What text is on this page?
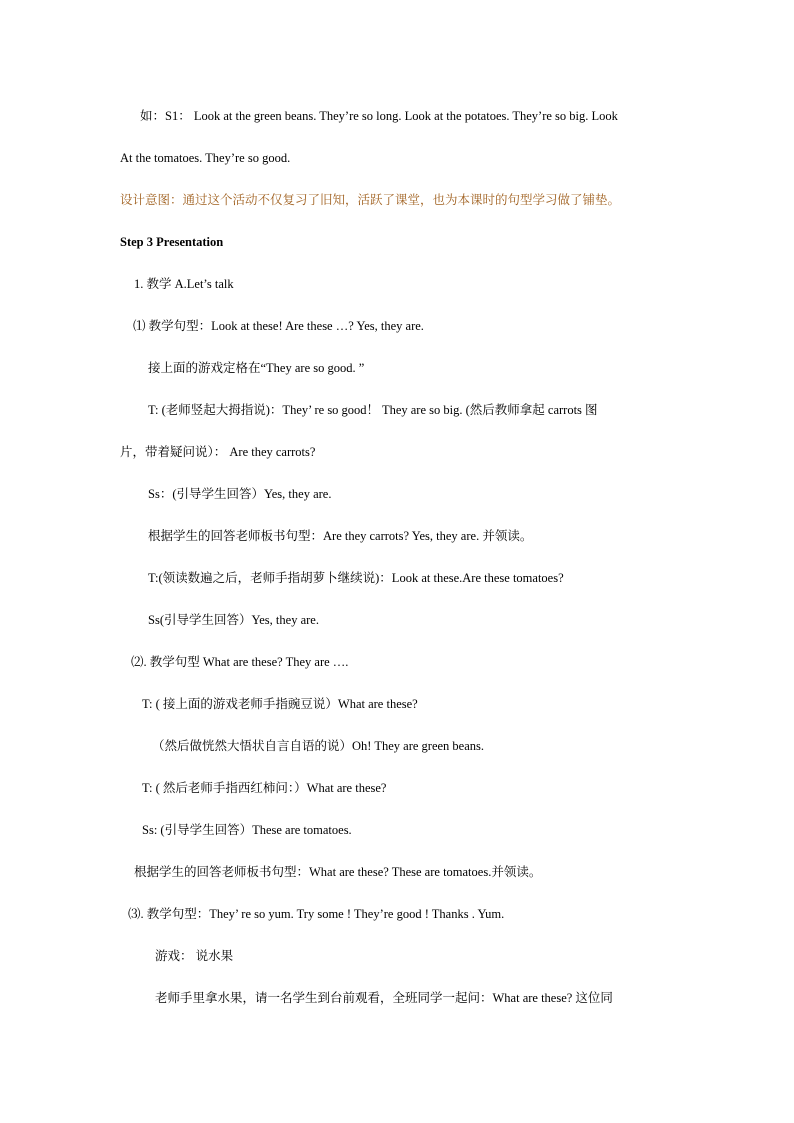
如：S1： Look at the green beans. They’re so long. Look at the potatoes. They’re so big. Look
At the tomatoes. They’re so good.
设计意图：通过这个活动不仅复习了旧知，活跃了课堂，也为本课时的句型学习做了铺垫。
Step 3 Presentation
1. 教学 A.Let’s talk
⑴ 教学句型：Look at these! Are these …? Yes, they are.
接上面的游戏定格在“They are so good. ”
T: (老师竖起大拇指说)：They’ re so good！ They are so big. (然后教师拿起 carrots 图
片，带着疑问说）： Are they carrots?
Ss：(引导学生回答）Yes, they are.
根据学生的回答老师板书句型：Are they carrots? Yes, they are. 并领读。
T:(领读数遍之后，老师手指胡萝卜继续说)：Look at these.Are these tomatoes?
Ss(引导学生回答）Yes, they are.
⑵. 教学句型 What are these? They are ….
T: ( 接上面的游戏老师手指豌豆说）What are these?
（然后做恍然大悟状自言自语的说）Oh! They are green beans.
T: ( 然后老师手指西红柿问：）What are these?
Ss: (引导学生回答）These are tomatoes.
根据学生的回答老师板书句型：What are these? These are tomatoes.并领读。
⑶. 教学句型：They’ re so yum. Try some ! They’re good ! Thanks . Yum.
游戏： 说水果
老师手里拿水果，请一名学生到台前观看，全班同学一起问：What are these? 这位同
